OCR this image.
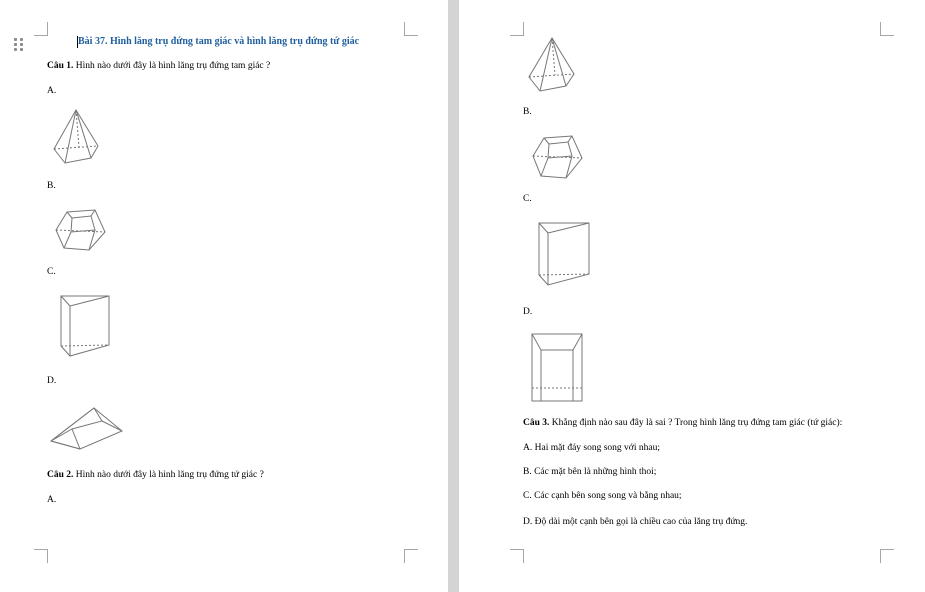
Bài 37. Hình lăng trụ đứng tam giác và hình lăng trụ đứng tứ giác
Câu 1. Hình nào dưới đây là hình lăng trụ đứng tam giác ?
A.
B.
C.
D.
Câu 2. Hình nào dưới đây là hình lăng trụ đứng tứ giác ?
A.
B.
C.
D.
Câu 3. Khẳng định nào sau đây là sai ? Trong hình lăng trụ đứng tam giác (tứ giác):
A. Hai mặt đáy song song với nhau;
B. Các mặt bên là những hình thoi;
C. Các cạnh bên song song và bằng nhau;
D. Độ dài một cạnh bên gọi là chiều cao của lăng trụ đứng.
